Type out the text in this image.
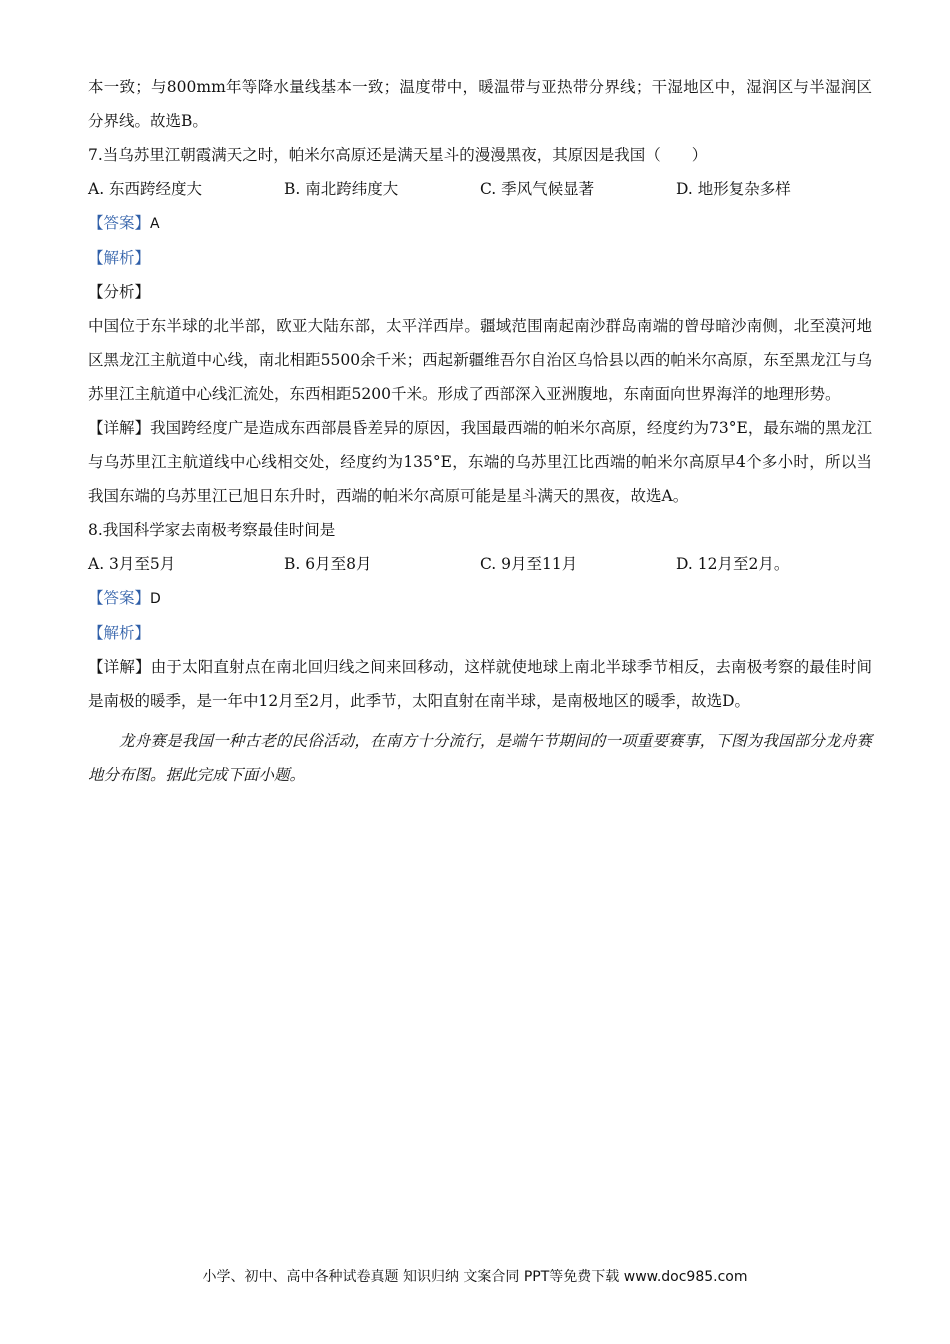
本一致；与800mm年等降水量线基本一致；温度带中，暖温带与亚热带分界线；干湿地区中，湿润区与半湿润区分界线。故选B。

7.当乌苏里江朝霞满天之时，帕米尔高原还是满天星斗的漫漫黑夜，其原因是我国（　　）

A. 东西跨经度大	B. 南北跨纬度大	C. 季风气候显著	D. 地形复杂多样

【答案】A

【解析】

【分析】

中国位于东半球的北半部，欧亚大陆东部，太平洋西岸。疆域范围南起南沙群岛南端的曾母暗沙南侧，北至漠河地区黑龙江主航道中心线，南北相距5500余千米；西起新疆维吾尔自治区乌恰县以西的帕米尔高原，东至黑龙江与乌苏里江主航道中心线汇流处，东西相距5200千米。形成了西部深入亚洲腹地，东南面向世界海洋的地理形势。

【详解】我国跨经度广是造成东西部晨昏差异的原因，我国最西端的帕米尔高原，经度约为73°E，最东端的黑龙江与乌苏里江主航道线中心线相交处，经度约为135°E，东端的乌苏里江比西端的帕米尔高原早4个多小时，所以当我国东端的乌苏里江已旭日东升时，西端的帕米尔高原可能是星斗满天的黑夜，故选A。

8.我国科学家去南极考察最佳时间是

A. 3月至5月	B. 6月至8月	C. 9月至11月	D. 12月至2月。

【答案】D

【解析】

【详解】由于太阳直射点在南北回归线之间来回移动，这样就使地球上南北半球季节相反，去南极考察的最佳时间是南极的暖季，是一年中12月至2月，此季节，太阳直射在南半球，是南极地区的暖季，故选D。

龙舟赛是我国一种古老的民俗活动，在南方十分流行，是端午节期间的一项重要赛事，下图为我国部分龙舟赛地分布图。据此完成下面小题。

小学、初中、高中各种试卷真题 知识归纳 文案合同 PPT等免费下载 www.doc985.com
